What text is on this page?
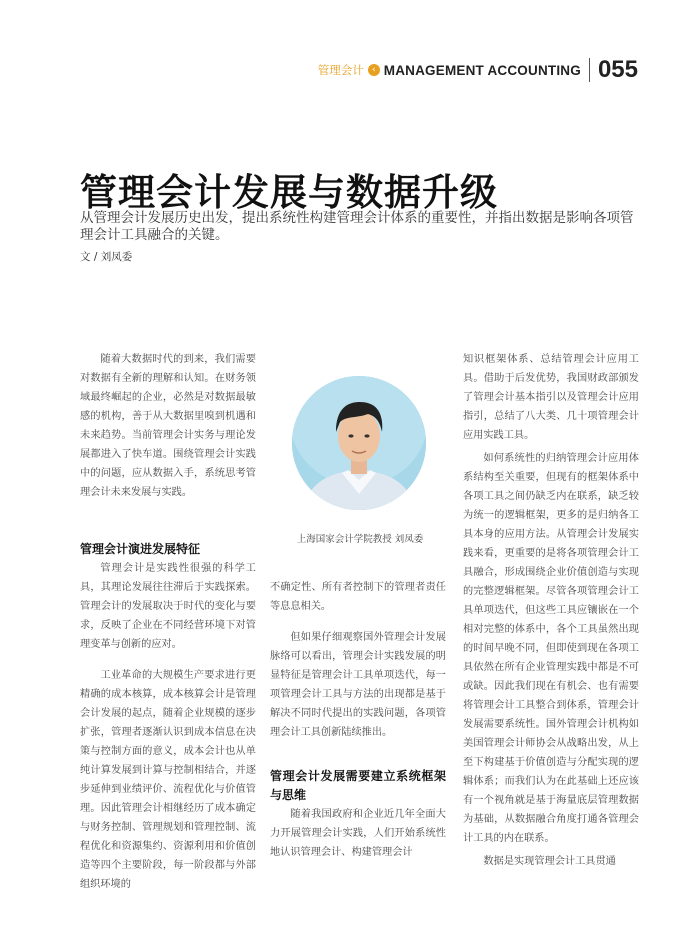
管理会计 ‹ MANAGEMENT ACCOUNTING 055
管理会计发展与数据升级

从管理会计发展历史出发，提出系统性构建管理会计体系的重要性，并指出数据是影响各项管理会计工具融合的关键。

文 / 刘凤委

随着大数据时代的到来，我们需要对数据有全新的理解和认知。在财务领域最终崛起的企业，必然是对数据最敏感的机构，善于从大数据里嗅到机遇和未来趋势。当前管理会计实务与理论发展都进入了快车道。围绕管理会计实践中的问题，应从数据入手，系统思考管理会计未来发展与实践。

管理会计演进发展特征

管理会计是实践性很强的科学工具，其理论发展往往滞后于实践探索。管理会计的发展取决于时代的变化与要求，反映了企业在不同经营环境下对管理变革与创新的应对。

工业革命的大规模生产要求进行更精确的成本核算，成本核算会计是管理会计发展的起点，随着企业规模的逐步扩张，管理者逐渐认识到成本信息在决策与控制方面的意义，成本会计也从单纯计算发展到计算与控制相结合，并逐步延伸到业绩评价、流程优化与价值管理。因此管理会计相继经历了成本确定与财务控制、管理规划和管理控制、流程优化和资源集约、资源利用和价值创造等四个主要阶段，每一阶段都与外部组织环境的

上海国家会计学院教授 刘凤委

不确定性、所有者控制下的管理者责任等息息相关。

但如果仔细观察国外管理会计发展脉络可以看出，管理会计实践发展的明显特征是管理会计工具单项迭代，每一项管理会计工具与方法的出现都是基于解决不同时代提出的实践问题，各项管理会计工具创新陆续推出。

管理会计发展需要建立系统框架与思维

随着我国政府和企业近几年全面大力开展管理会计实践，人们开始系统性地认识管理会计、构建管理会计

知识框架体系、总结管理会计应用工具。借助于后发优势，我国财政部颁发了管理会计基本指引以及管理会计应用指引，总结了八大类、几十项管理会计应用实践工具。

如何系统性的归纳管理会计应用体系结构至关重要，但现有的框架体系中各项工具之间仍缺乏内在联系，缺乏较为统一的逻辑框架，更多的是归纳各工具本身的应用方法。从管理会计发展实践来看，更重要的是将各项管理会计工具融合，形成围绕企业价值创造与实现的完整逻辑框架。尽管各项管理会计工具单项迭代，但这些工具应镶嵌在一个相对完整的体系中，各个工具虽然出现的时间早晚不同，但即使到现在各项工具依然在所有企业管理实践中都是不可或缺。因此我们现在有机会、也有需要将管理会计工具整合到体系，管理会计发展需要系统性。国外管理会计机构如美国管理会计师协会从战略出发，从上至下构建基于价值创造与分配实现的逻辑体系；而我们认为在此基础上还应该有一个视角就是基于海量底层管理数据为基础，从数据融合角度打通各管理会计工具的内在联系。

数据是实现管理会计工具贯通
